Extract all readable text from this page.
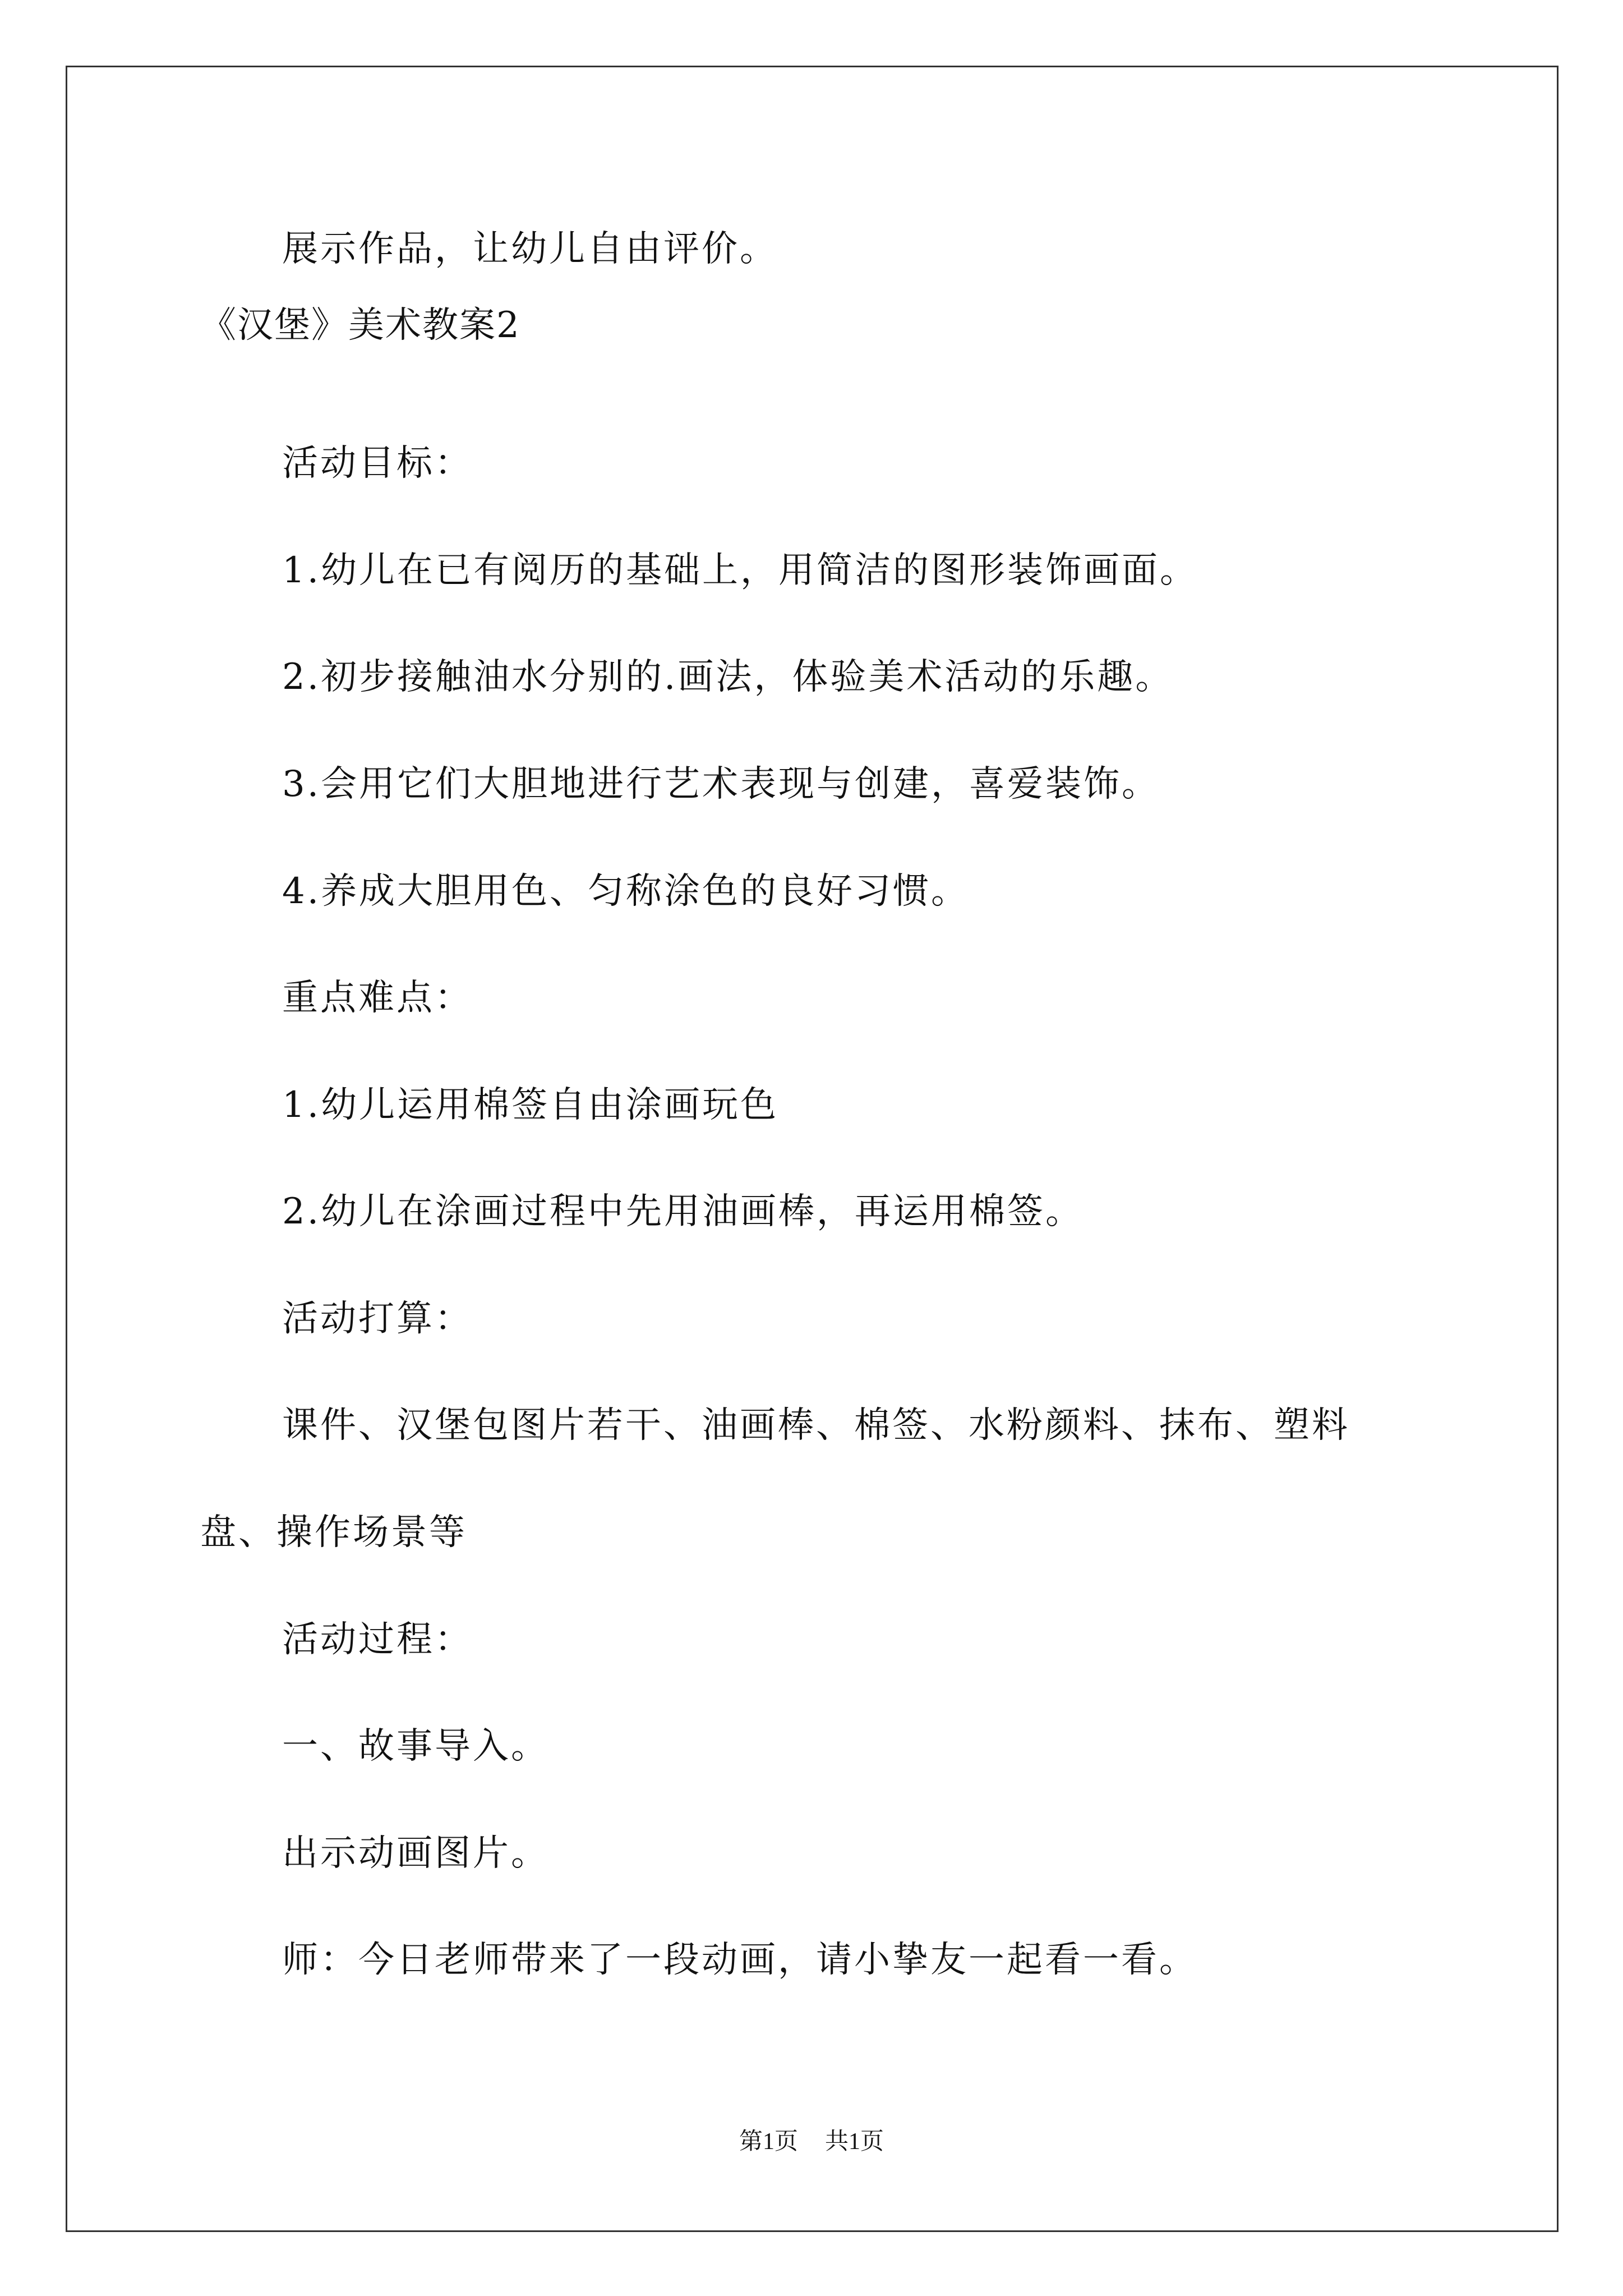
展示作品，让幼儿自由评价。
《汉堡》美术教案2
活动目标：
1.幼儿在已有阅历的基础上，用简洁的图形装饰画面。
2.初步接触油水分别的.画法，体验美术活动的乐趣。
3.会用它们大胆地进行艺术表现与创建，喜爱装饰。
4.养成大胆用色、匀称涂色的良好习惯。
重点难点：
1.幼儿运用棉签自由涂画玩色
2.幼儿在涂画过程中先用油画棒，再运用棉签。
活动打算：
课件、汉堡包图片若干、油画棒、棉签、水粉颜料、抹布、塑料
盘、操作场景等
活动过程：
一、故事导入。
出示动画图片。
师：今日老师带来了一段动画，请小挚友一起看一看。
第1页 共1页
